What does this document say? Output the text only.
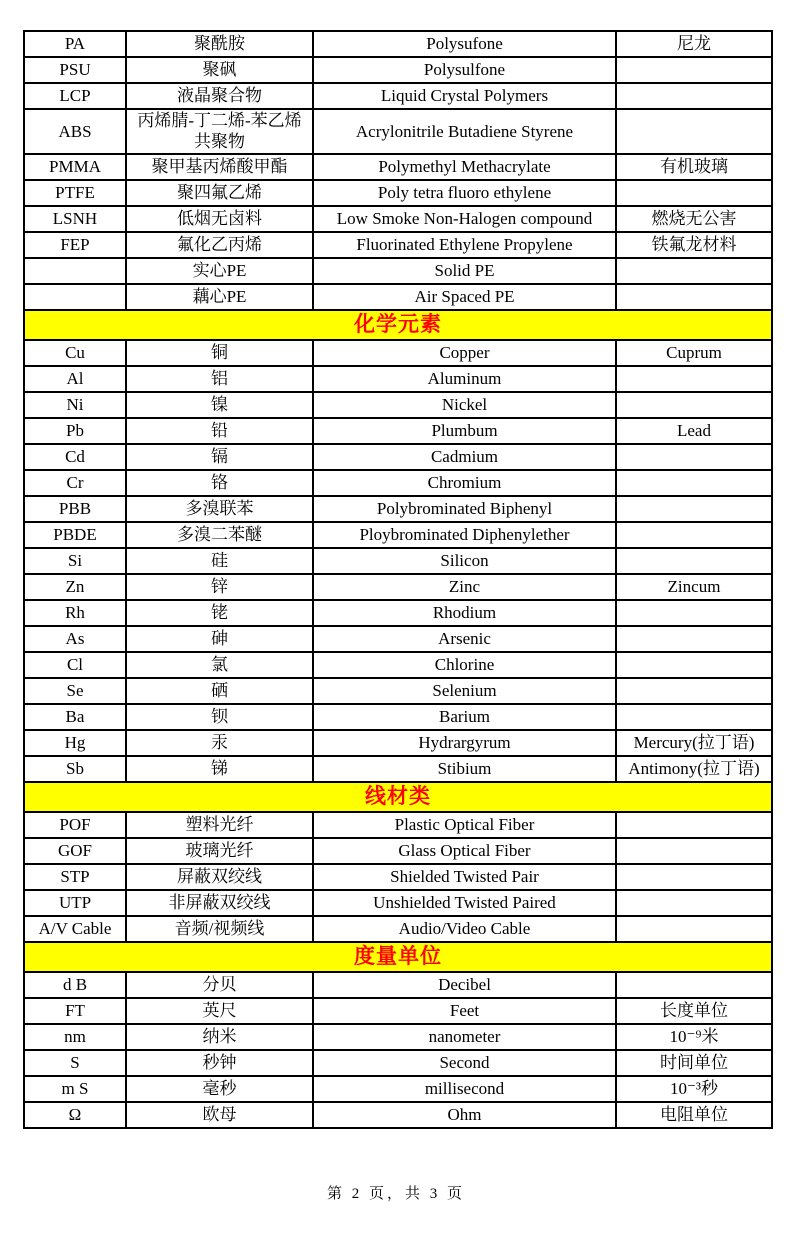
PA	聚酰胺	Polysufone	尼龙
PSU	聚砜	Polysulfone	
LCP	液晶聚合物	Liquid Crystal Polymers	
ABS	丙烯腈-丁二烯-苯乙烯共聚物	Acrylonitrile Butadiene Styrene	
PMMA	聚甲基丙烯酸甲酯	Polymethyl Methacrylate	有机玻璃
PTFE	聚四氟乙烯	Poly tetra fluoro ethylene	
LSNH	低烟无卤料	Low Smoke Non-Halogen compound	燃烧无公害
FEP	氟化乙丙烯	Fluorinated Ethylene Propylene	铁氟龙材料
	实心PE	Solid PE	
	藕心PE	Air Spaced PE	
化学元素			
Cu	铜	Copper	Cuprum
Al	铝	Aluminum	
Ni	镍	Nickel	
Pb	铅	Plumbum	Lead
Cd	镉	Cadmium	
Cr	铬	Chromium	
PBB	多溴联苯	Polybrominated Biphenyl	
PBDE	多溴二苯醚	Ploybrominated Diphenylether	
Si	硅	Silicon	
Zn	锌	Zinc	Zincum
Rh	铑	Rhodium	
As	砷	Arsenic	
Cl	氯	Chlorine	
Se	硒	Selenium	
Ba	钡	Barium	
Hg	汞	Hydrargyrum	Mercury(拉丁语)
Sb	锑	Stibium	Antimony(拉丁语)
线材类			
POF	塑料光纤	Plastic Optical Fiber	
GOF	玻璃光纤	Glass Optical Fiber	
STP	屏蔽双绞线	Shielded Twisted Pair	
UTP	非屏蔽双绞线	Unshielded Twisted Paired	
A/V Cable	音频/视频线	Audio/Video Cable	
度量单位			
d B	分贝	Decibel	
FT	英尺	Feet	长度单位
nm	纳米	nanometer	10⁻⁹米
S	秒钟	Second	时间单位
m S	毫秒	millisecond	10⁻³秒
Ω	欧母	Ohm	电阻单位
第 2 页，共 3 页
